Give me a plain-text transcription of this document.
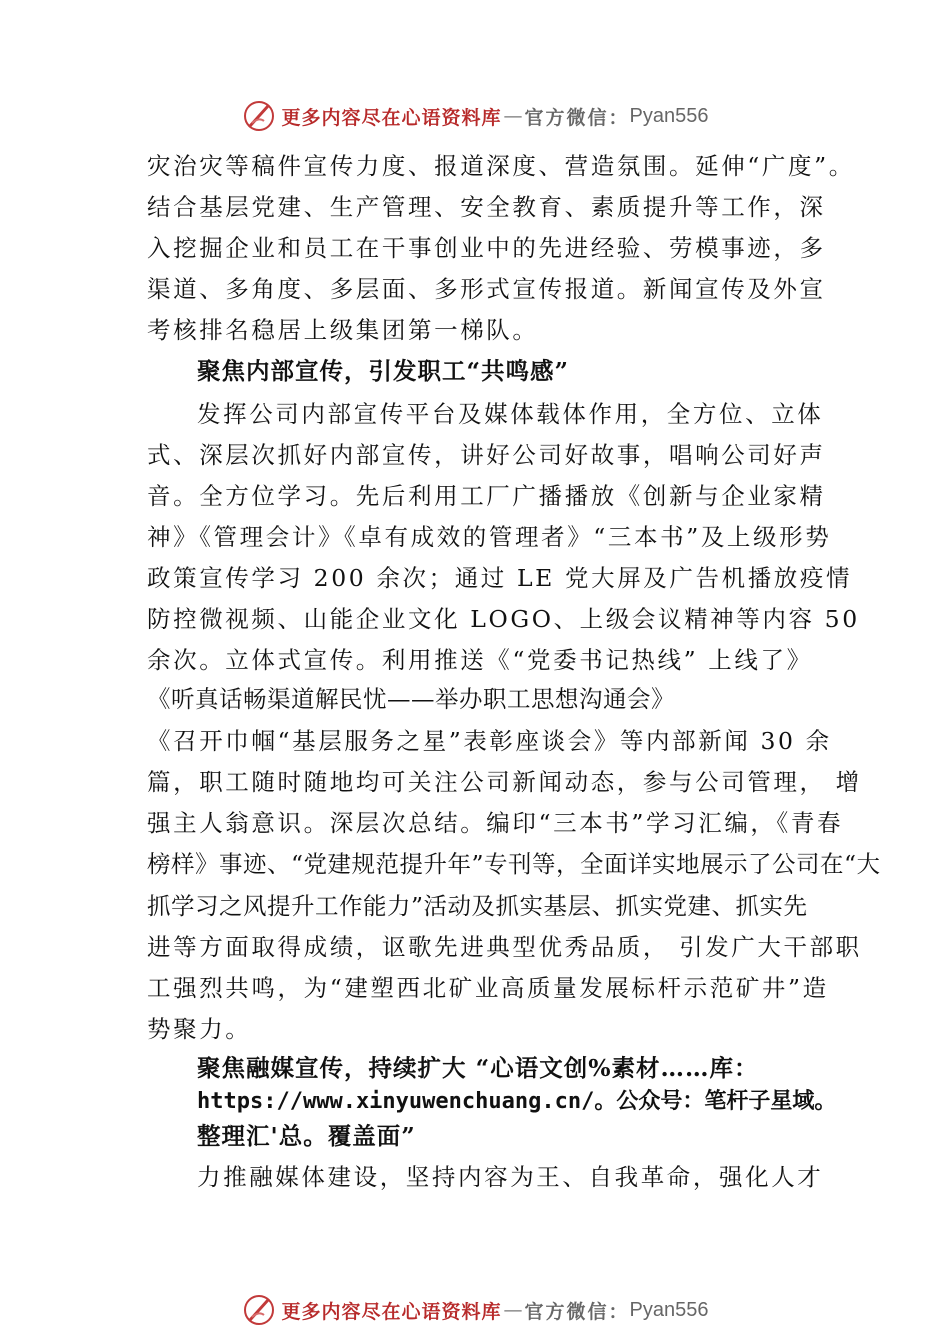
更多内容尽在心语资料库 — 官方微信： Pyan556
灾治灾等稿件宣传力度、报道深度、营造氛围。延伸“广度”。
结合基层党建、生产管理、安全教育、素质提升等工作，深
入挖掘企业和员工在干事创业中的先进经验、劳模事迹，多
渠道、多角度、多层面、多形式宣传报道。新闻宣传及外宣
考核排名稳居上级集团第一梯队。
聚焦内部宣传，引发职工“共鸣感”
发挥公司内部宣传平台及媒体载体作用，全方位、立体
式、深层次抓好内部宣传，讲好公司好故事，唱响公司好声
音。全方位学习。先后利用工厂广播播放《创新与企业家精
神》《管理会计》《卓有成效的管理者》“三本书”及上级形势
政策宣传学习 200 余次；通过 LE 党大屏及广告机播放疫情
防控微视频、山能企业文化 LOGO、上级会议精神等内容 50
余次。立体式宣传。利用推送《“党委书记热线” 上线了》
《听真话畅渠道解民忧——举办职工思想沟通会》
《召开巾帼“基层服务之星”表彰座谈会》等内部新闻 30 余
篇，职工随时随地均可关注公司新闻动态，参与公司管理， 增
强主人翁意识。深层次总结。编印“三本书”学习汇编，《青春
榜样》事迹、“党建规范提升年”专刊等，全面详实地展示了公司在“大
抓学习之风提升工作能力”活动及抓实基层、抓实党建、抓实先
进等方面取得成绩，讴歌先进典型优秀品质， 引发广大干部职
工强烈共鸣，为“建塑西北矿业高质量发展标杆示范矿井”造
势聚力。
聚焦融媒宣传，持续扩大 “心语文创%素材……库：
https://www.xinyuwenchuang.cn/。公众号：笔杆子星域。
整理汇'总。覆盖面”
力推融媒体建设，坚持内容为王、自我革命，强化人才
更多内容尽在心语资料库 — 官方微信： Pyan556
